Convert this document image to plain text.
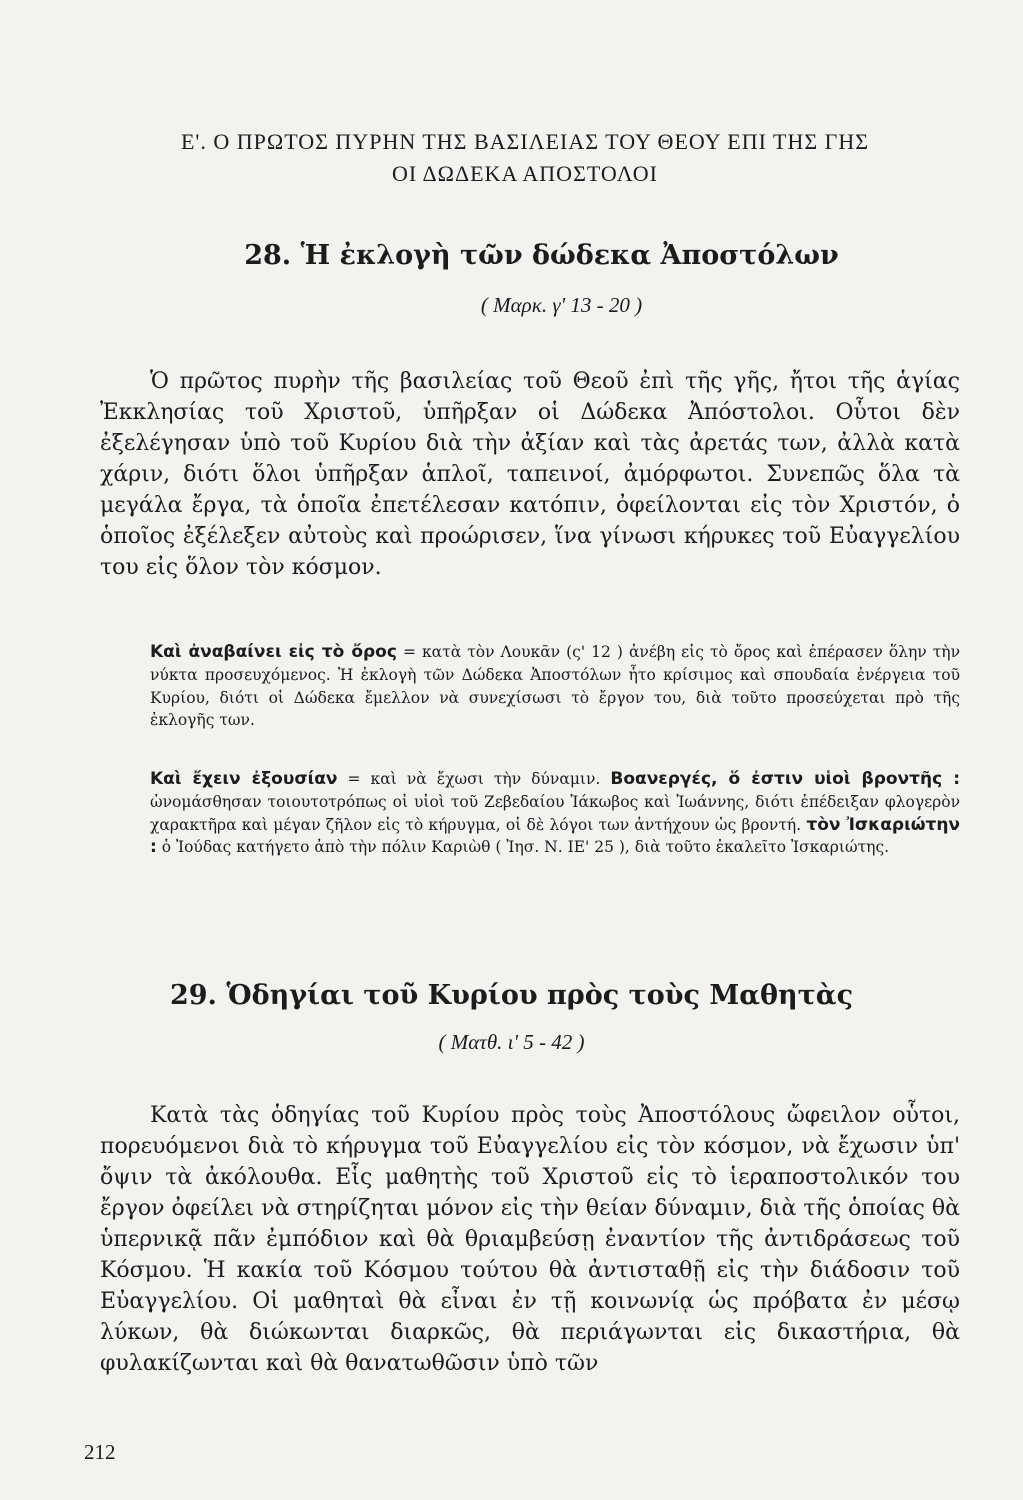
Ε'. Ο ΠΡΩΤΟΣ ΠΥΡΗΝ ΤΗΣ ΒΑΣΙΛΕΙΑΣ ΤΟΥ ΘΕΟΥ ΕΠΙ ΤΗΣ ΓΗΣ
ΟΙ ΔΩΔΕΚΑ ΑΠΟΣΤΟΛΟΙ
28. Ἡ ἐκλογὴ τῶν δώδεκα Ἀποστόλων
( Μαρκ. γ' 13 - 20 )

Ὁ πρῶτος πυρὴν τῆς βασιλείας τοῦ Θεοῦ ἐπὶ τῆς γῆς, ἤτοι τῆς ἁγίας Ἐκκλησίας τοῦ Χριστοῦ, ὑπῆρξαν οἱ Δώδεκα Ἀπόστολοι. Οὗτοι δὲν ἐξελέγησαν ὑπὸ τοῦ Κυρίου διὰ τὴν ἀξίαν καὶ τὰς ἀρετάς των, ἀλλὰ κατὰ χάριν, διότι ὅλοι ὑπῆρξαν ἁπλοῖ, ταπεινοί, ἀμόρφωτοι. Συνεπῶς ὅλα τὰ μεγάλα ἔργα, τὰ ὁποῖα ἐπετέλεσαν κατόπιν, ὀφείλονται εἰς τὸν Χριστόν, ὁ ὁποῖος ἐξέλεξεν αὐτοὺς καὶ προώρισεν, ἵνα γίνωσι κήρυκες τοῦ Εὐαγγελίου του εἰς ὅλον τὸν κόσμον.

Καὶ ἀναβαίνει εἰς τὸ ὄρος = κατὰ τὸν Λουκᾶν (ς' 12 ) ἀνέβη εἰς τὸ ὄρος καὶ ἐπέρασεν ὅλην τὴν νύκτα προσευχόμενος. Ἡ ἐκλογὴ τῶν Δώδεκα Ἀποστόλων ἦτο κρίσιμος καὶ σπουδαία ἐνέργεια τοῦ Κυρίου, διότι οἱ Δώδεκα ἔμελλον νὰ συνεχίσωσι τὸ ἔργον του, διὰ τοῦτο προσεύχεται πρὸ τῆς ἐκλογῆς των.

Καὶ ἔχειν ἐξουσίαν = καὶ νὰ ἔχωσι τὴν δύναμιν. Βοανεργές, ὅ ἐστιν υἱοὶ βροντῆς : ὠνομάσθησαν τοιουτοτρόπως οἱ υἱοὶ τοῦ Ζεβεδαίου Ἰάκωβος καὶ Ἰωάννης, διότι ἐπέδειξαν φλογερὸν χαρακτῆρα καὶ μέγαν ζῆλον εἰς τὸ κήρυγμα, οἱ δὲ λόγοι των ἀντήχουν ὡς βροντή. τὸν Ἰσκαριώτην : ὁ Ἰούδας κατήγετο ἀπὸ τὴν πόλιν Καριὼθ ( Ἰησ. Ν. ΙΕ' 25 ), διὰ τοῦτο ἐκαλεῖτο Ἰσκαριώτης.

29. Ὁδηγίαι τοῦ Κυρίου πρὸς τοὺς Μαθητὰς
( Ματθ. ι' 5 - 42 )

Κατὰ τὰς ὁδηγίας τοῦ Κυρίου πρὸς τοὺς Ἀποστόλους ὤφειλον οὗτοι, πορευόμενοι διὰ τὸ κήρυγμα τοῦ Εὐαγγελίου εἰς τὸν κόσμον, νὰ ἔχωσιν ὑπ' ὄψιν τὰ ἀκόλουθα. Εἷς μαθητὴς τοῦ Χριστοῦ εἰς τὸ ἱεραποστολικόν του ἔργον ὀφείλει νὰ στηρίζηται μόνον εἰς τὴν θείαν δύναμιν, διὰ τῆς ὁποίας θὰ ὑπερνικᾷ πᾶν ἐμπόδιον καὶ θὰ θριαμβεύσῃ ἐναντίον τῆς ἀντιδράσεως τοῦ Κόσμου. Ἡ κακία τοῦ Κόσμου τούτου θὰ ἀντισταθῇ εἰς τὴν διάδοσιν τοῦ Εὐαγγελίου. Οἱ μαθηταὶ θὰ εἶναι ἐν τῇ κοινωνίᾳ ὡς πρόβατα ἐν μέσῳ λύκων, θὰ διώκωνται διαρκῶς, θὰ περιάγωνται εἰς δικαστήρια, θὰ φυλακίζωνται καὶ θὰ θανατωθῶσιν ὑπὸ τῶν

212
